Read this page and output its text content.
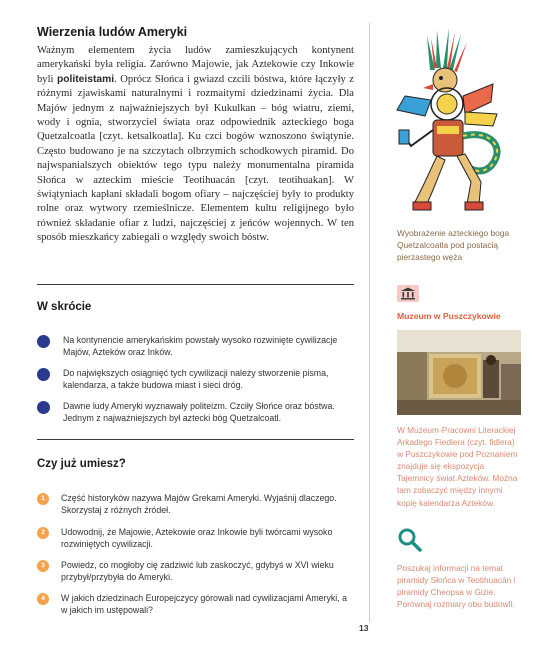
Wierzenia ludów Ameryki

Ważnym elementem życia ludów zamieszkujących kontynent amerykański była religia. Zarówno Majowie, jak Aztekowie czy Inkowie byli politeistami. Oprócz Słońca i gwiazd czcili bóstwa, które łączyły z różnymi zjawiskami naturalnymi i rozmaitymi dziedzinami życia. Dla Majów jednym z najważniejszych był Kukulkan – bóg wiatru, ziemi, wody i ognia, stworzyciel świata oraz odpowiednik azteckiego boga Quetzalcoatla [czyt. ketsalkoatla]. Ku czci bogów wznoszono świątynie. Często budowano je na szczytach olbrzymich schodkowych piramid. Do najwspanialszych obiektów tego typu należy monumentalna piramida Słońca w azteckim mieście Teotihuacán [czyt. teotihuakan]. W świątyniach kapłani składali bogom ofiary – najczęściej były to produkty rolne oraz wytwory rzemieślnicze. Elementem kultu religijnego było również składanie ofiar z ludzi, najczęściej z jeńców wojennych. W ten sposób mieszkańcy zabiegali o względy swoich bóstw.

W skrócie
Na kontynencie amerykańskim powstały wysoko rozwinięte cywilizacje Majów, Azteków oraz Inków.
Do największych osiągnięć tych cywilizacji należy stworzenie pisma, kalendarza, a także budowa miast i sieci dróg.
Dawne ludy Ameryki wyznawały politeizm. Czciły Słońce oraz bóstwa. Jednym z najważniejszych był aztecki bóg Quetzalcoatl.
Czy już umiesz?
1	Część historyków nazywa Majów Grekami Ameryki. Wyjaśnij dlaczego. Skorzystaj z różnych źródeł.
2	Udowodnij, że Majowie, Aztekowie oraz Inkowie byli twórcami wysoko rozwiniętych cywilizacji.
3	Powiedz, co mogłoby cię zadziwić lub zaskoczyć, gdybyś w XVI wieku przybył/przybyła do Ameryki.
4	W jakich dziedzinach Europejczycy górowali nad cywilizacjami Ameryki, a w jakich im ustępowali?
13
Wyobrażenie azteckiego boga Quetzalcoatla pod postacią pierzastego węża
Muzeum w Puszczykowie
W Muzeum-Pracowni Literackiej Arkadego Fiedlera (czyt. fidlera) w Puszczykowie pod Poznaniem znajduje się ekspozycja Tajemnicy świat Azteków. Można tam zobaczyć między innymi kopię kalendarza Azteków.
Poszukaj informacji na temat piramidy Słońca w Teotihuacán i piramidy Cheopsa w Gizie. Porównaj rozmiary obu budowli.
